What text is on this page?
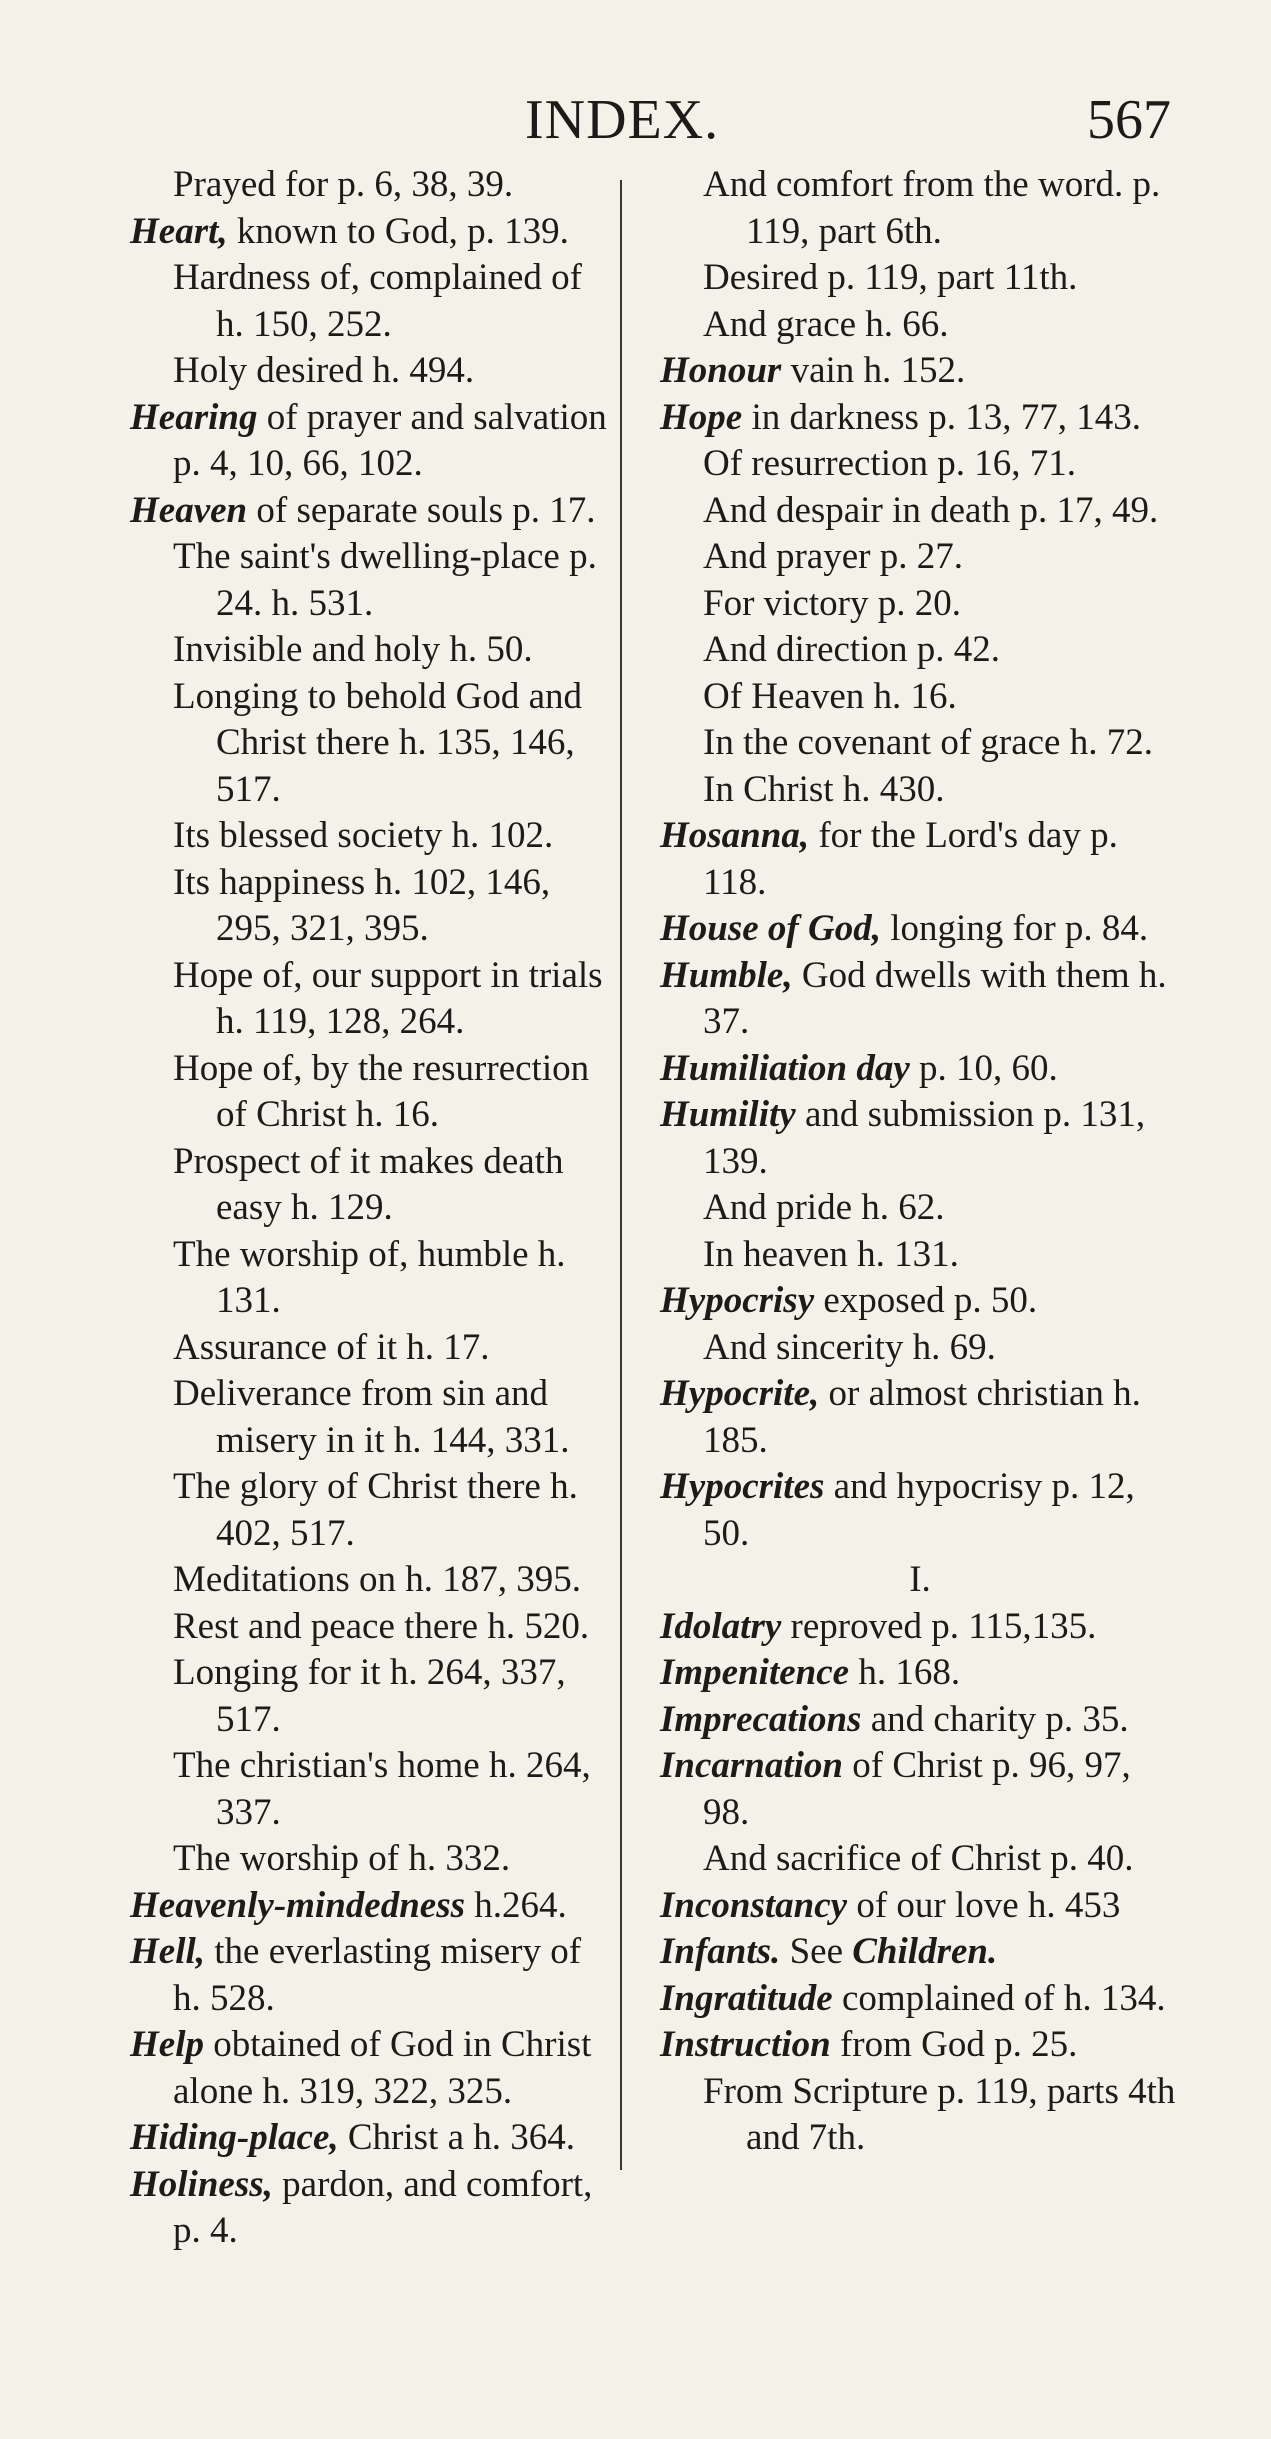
INDEX.	567
Prayed for p. 6, 38, 39.
Heart, known to God, p. 139.
Hardness of, complained of h. 150, 252.
Holy desired h. 494.
Hearing of prayer and salvation p. 4, 10, 66, 102.
Heaven of separate souls p. 17.
The saint's dwelling-place p. 24. h. 531.
Invisible and holy h. 50.
Longing to behold God and Christ there h. 135, 146, 517.
Its blessed society h. 102.
Its happiness h. 102, 146, 295, 321, 395.
Hope of, our support in trials h. 119, 128, 264.
Hope of, by the resurrection of Christ h. 16.
Prospect of it makes death easy h. 129.
The worship of, humble h. 131.
Assurance of it h. 17.
Deliverance from sin and misery in it h. 144, 331.
The glory of Christ there h. 402, 517.
Meditations on h. 187, 395.
Rest and peace there h. 520.
Longing for it h. 264, 337, 517.
The christian's home h. 264, 337.
The worship of h. 332.
Heavenly-mindedness h.264.
Hell, the everlasting misery of h. 528.
Help obtained of God in Christ alone h. 319, 322, 325.
Hiding-place, Christ a h. 364.
Holiness, pardon, and comfort, p. 4.
And comfort from the word. p. 119, part 6th.
Desired p. 119, part 11th.
And grace h. 66.
Honour vain h. 152.
Hope in darkness p. 13, 77, 143.
Of resurrection p. 16, 71.
And despair in death p. 17, 49.
And prayer p. 27.
For victory p. 20.
And direction p. 42.
Of Heaven h. 16.
In the covenant of grace h. 72.
In Christ h. 430.
Hosanna, for the Lord's day p. 118.
House of God, longing for p. 84.
Humble, God dwells with them h. 37.
Humiliation day p. 10, 60.
Humility and submission p. 131, 139.
And pride h. 62.
In heaven h. 131.
Hypocrisy exposed p. 50.
And sincerity h. 69.
Hypocrite, or almost christian h. 185.
Hypocrites and hypocrisy p. 12, 50.
I.
Idolatry reproved p. 115,135.
Impenitence h. 168.
Imprecations and charity p. 35.
Incarnation of Christ p. 96, 97, 98.
And sacrifice of Christ p. 40.
Inconstancy of our love h. 453
Infants. See Children.
Ingratitude complained of h. 134.
Instruction from God p. 25.
From Scripture p. 119, parts 4th and 7th.
